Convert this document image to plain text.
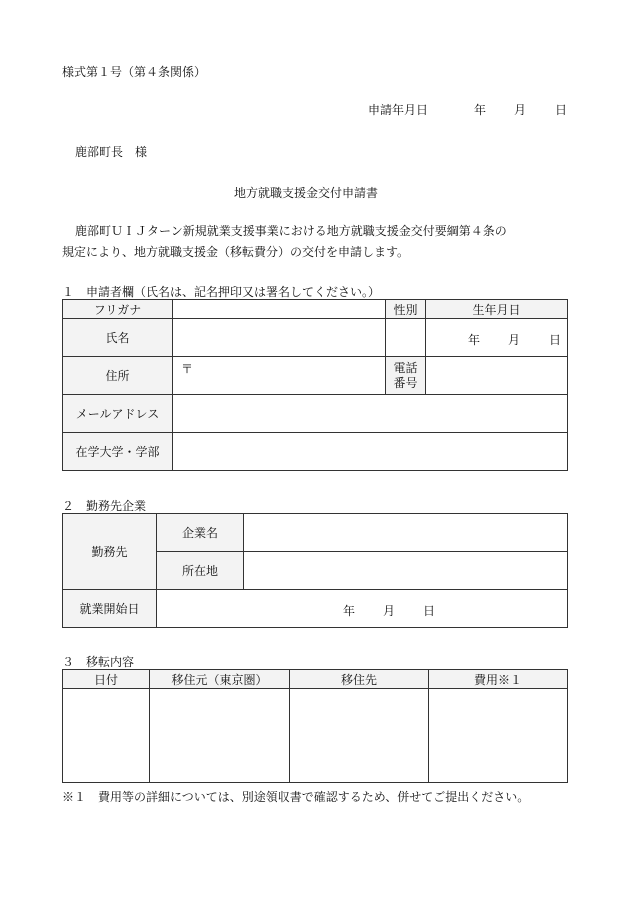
様式第１号（第４条関係）
申請年月日	年 月 日
鹿部町長　様
地方就職支援金交付申請書
鹿部町ＵＩＪターン新規就業支援事業における地方就職支援金交付要綱第４条の
規定により、地方就職支援金（移転費分）の交付を申請します。
１　申請者欄（氏名は、記名押印又は署名してください。）
フリガナ		性別	生年月日
氏名			年 月 日

住所	〒	電話
番号	

メールアドレス			
在学大学・学部			
２　勤務先企業
勤務先	企業名	
	所在地	
就業開始日	年 月 日	
３　移転内容
日付	移住元（東京圏）	移住先	費用※１

※１　費用等の詳細については、別途領収書で確認するため、併せてご提出ください。
